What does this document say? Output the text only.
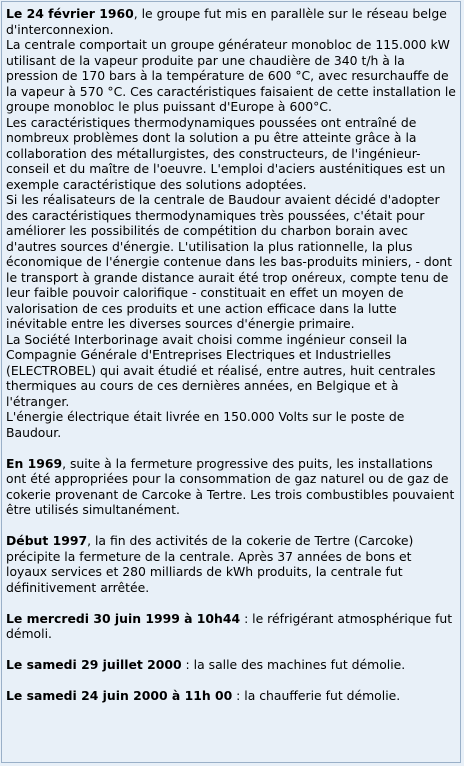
Le 24 février 1960, le groupe fut mis en parallèle sur le réseau belge d'interconnexion.

La centrale comportait un groupe générateur monobloc de 115.000 kW utilisant de la vapeur produite par une chaudière de 340 t/h à la pression de 170 bars à la température de 600 °C, avec resurchauffe de la vapeur à 570 °C. Ces caractéristiques faisaient de cette installation le groupe monobloc le plus puissant d'Europe à 600°C.

Les caractéristiques thermodynamiques poussées ont entraîné de nombreux problèmes dont la solution a pu être atteinte grâce à la collaboration des métallurgistes, des constructeurs, de l'ingénieur-conseil et du maître de l'oeuvre. L'emploi d'aciers austénitiques est un exemple caractéristique des solutions adoptées.

Si les réalisateurs de la centrale de Baudour avaient décidé d'adopter des caractéristiques thermodynamiques très poussées, c'était pour améliorer les possibilités de compétition du charbon borain avec d'autres sources d'énergie. L'utilisation la plus rationnelle, la plus économique de l'énergie contenue dans les bas-produits miniers, - dont le transport à grande distance aurait été trop onéreux, compte tenu de leur faible pouvoir calorifique - constituait en effet un moyen de valorisation de ces produits et une action efficace dans la lutte inévitable entre les diverses sources d'énergie primaire.

La Société Interborinage avait choisi comme ingénieur conseil la Compagnie Générale d'Entreprises Electriques et Industrielles (ELECTROBEL) qui avait étudié et réalisé, entre autres, huit centrales thermiques au cours de ces dernières années, en Belgique et à l'étranger.

L'énergie électrique était livrée en 150.000 Volts sur le poste de Baudour.

En 1969, suite à la fermeture progressive des puits, les installations ont été appropriées pour la consommation de gaz naturel ou de gaz de cokerie provenant de Carcoke à Tertre. Les trois combustibles pouvaient être utilisés simultanément.

Début 1997, la fin des activités de la cokerie de Tertre (Carcoke) précipite la fermeture de la centrale. Après 37 années de bons et loyaux services et 280 milliards de kWh produits, la centrale fut définitivement arrêtée.

Le mercredi 30 juin 1999 à 10h44 : le réfrigérant atmosphérique fut démoli.

Le samedi 29 juillet 2000 : la salle des machines fut démolie.

Le samedi 24 juin 2000 à 11h 00 : la chaufferie fut démolie.
